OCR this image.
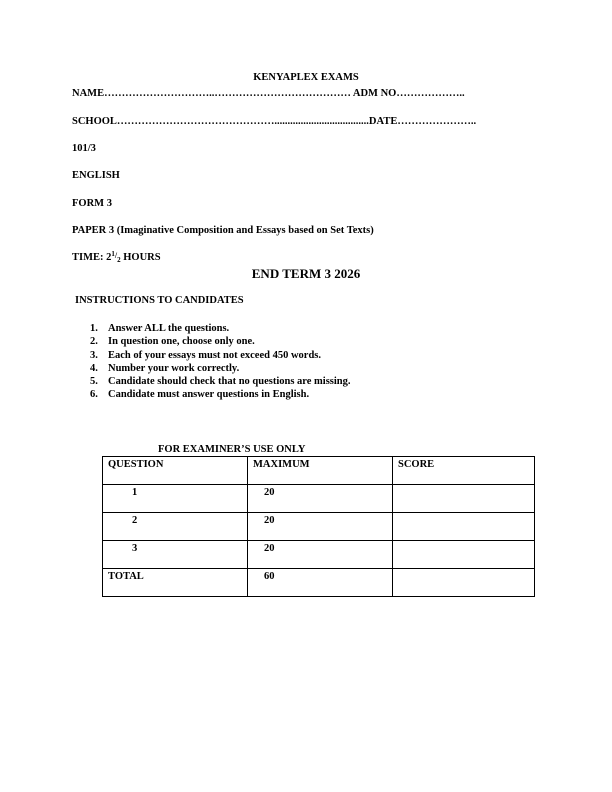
KENYAPLEX EXAMS
NAME…………………………..………………………………… ADM NO………………..
SCHOOL………………………………………....................................DATE…………………..
101/3
ENGLISH
FORM 3
PAPER 3 (Imaginative Composition and Essays based on Set Texts)
TIME: $2^1/2$ HOURS
END TERM 3 2026
INSTRUCTIONS TO CANDIDATES
1. Answer ALL the questions.
2. In question one, choose only one.
3. Each of your essays must not exceed 450 words.
4. Number your work correctly.
5. Candidate should check that no questions are missing.
6. Candidate must answer questions in English.
FOR EXAMINER’S USE ONLY
QUESTION	MAXIMUM	SCORE
1	20	
2	20	
3	20	
TOTAL	60	
